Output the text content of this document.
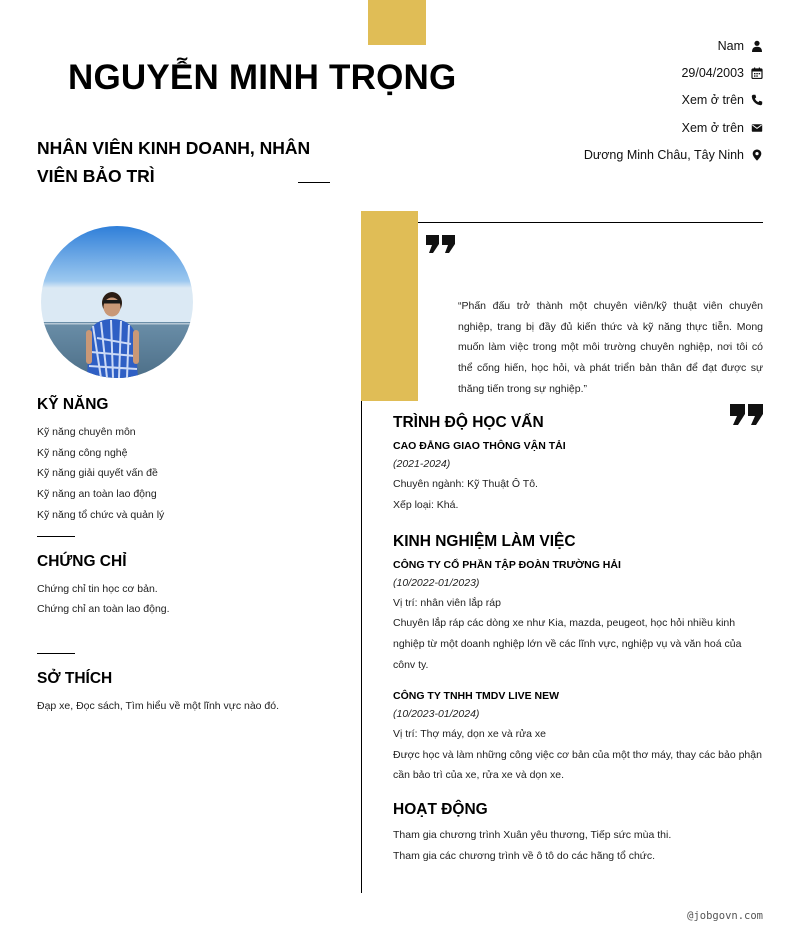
NGUYỄN MINH TRỌNG
NHÂN VIÊN KINH DOANH, NHÂN VIÊN BẢO TRÌ
Nam
29/04/2003
Xem ở trên
Xem ở trên
Dương Minh Châu, Tây Ninh
KỸ NĂNG
Kỹ năng chuyên môn
Kỹ năng công nghệ
Kỹ năng giải quyết vấn đề
Kỹ năng an toàn lao động
Kỹ năng tổ chức và quản lý
CHỨNG CHỈ
Chứng chỉ tin học cơ bản.
Chứng chỉ an toàn lao động.
SỞ THÍCH
Đạp xe, Đọc sách, Tìm hiểu về một lĩnh vực nào đó.
“Phấn đấu trở thành một chuyên viên/kỹ thuật viên chuyên nghiệp, trang bị đầy đủ kiến thức và kỹ năng thực tiễn. Mong muốn làm việc trong một môi trường chuyên nghiệp, nơi tôi có thể cống hiến, học hỏi, và phát triển bản thân để đạt được sự thăng tiến trong sự nghiệp.”
TRÌNH ĐỘ HỌC VẤN
CAO ĐẲNG GIAO THÔNG VẬN TẢI
(2021-2024)
Chuyên ngành: Kỹ Thuật Ô Tô.
Xếp loại: Khá.
KINH NGHIỆM LÀM VIỆC
CÔNG TY CỔ PHẦN TẬP ĐOÀN TRƯỜNG HẢI
(10/2022-01/2023)
Vị trí: nhân viên lắp ráp
Chuyên lắp ráp các dòng xe như Kia, mazda, peugeot, học hỏi nhiều kinh nghiệp từ một doanh nghiệp lớn về các lĩnh vực, nghiệp vụ và văn hoá của cônv ty.
CÔNG TY TNHH TMDV LIVE NEW
(10/2023-01/2024)
Vị trí: Thợ máy, dọn xe và rửa xe
Được học và làm những công việc cơ bản của một thơ máy, thay các bảo phận cần bảo trì của xe, rửa xe và dọn xe.
HOẠT ĐỘNG
Tham gia chương trình Xuân yêu thương, Tiếp sức mùa thi.
Tham gia các chương trình về ô tô do các hãng tổ chức.
@jobgovn.com
